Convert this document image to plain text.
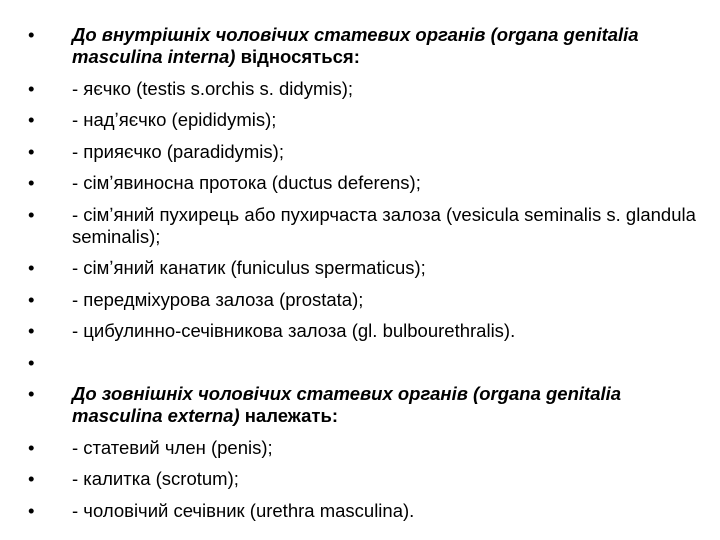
•	До внутрішніх чоловічих статевих органів (organa genitalia masculina interna) відносяться:
•	- яєчко (testis s.orchis s. didymis);
•	- надʼяєчко (epididymis);
•	- прияєчко (paradidymis);
•	- сімʼявиносна протока (ductus deferens);
•	- сімʼяний пухирець або пухирчаста залоза (vesicula seminalis s. glandula seminalis);
•	- сімʼяний канатик (funiculus spermaticus);
•	- передміхурова залоза (prostata);
•	- цибулинно-сечівникова залоза (gl. bulbourethralis).
•
•	До зовнішніх чоловічих статевих органів (organa genitalia masculina externa) належать:
•	- статевий член (penis);
•	- калитка (scrotum);
•	- чоловічий сечівник (urethra masculina).
